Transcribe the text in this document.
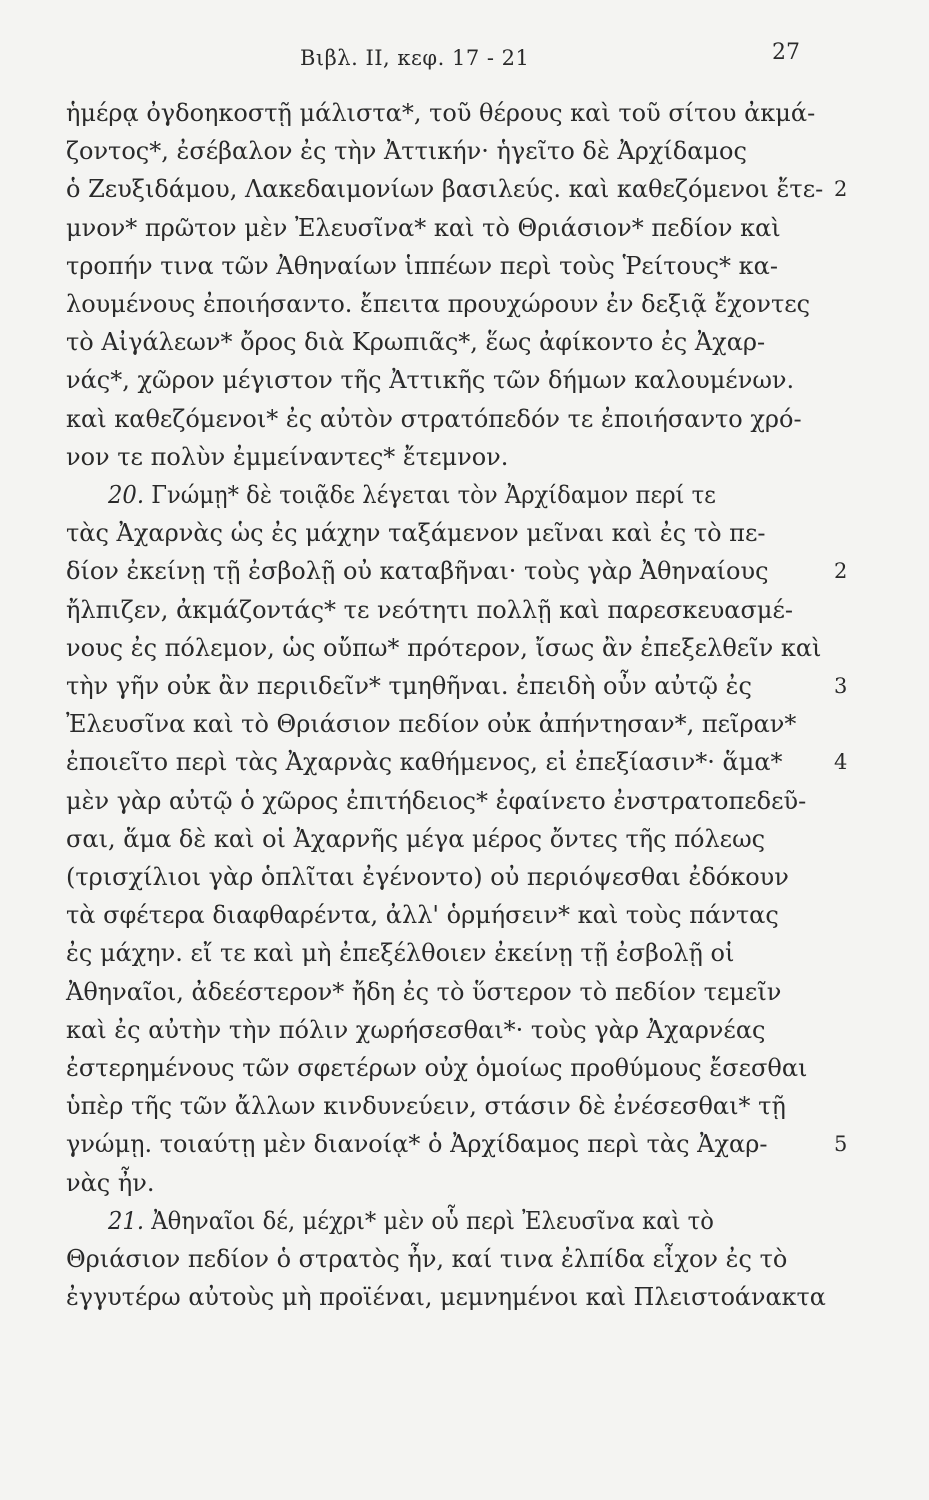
Βιβλ. II, κεφ. 17 - 21	27
ἡμέρᾳ ὀγδοηκοστῇ μάλιστα*, τοῦ θέρους καὶ τοῦ σίτου ἀκμά-
ζοντος*, ἐσέβαλον ἐς τὴν Ἀττικήν· ἡγεῖτο δὲ Ἀρχίδαμος
ὁ Ζευξιδάμου, Λακεδαιμονίων βασιλεύς. καὶ καθεζόμενοι ἔτε- 2
μνον* πρῶτον μὲν Ἐλευσῖνα* καὶ τὸ Θριάσιον* πεδίον καὶ
τροπήν τινα τῶν Ἀθηναίων ἱππέων περὶ τοὺς Ῥείτους* κα-
λουμένους ἐποιήσαντο. ἔπειτα προυχώρουν ἐν δεξιᾷ ἔχοντες
τὸ Αἰγάλεων* ὄρος διὰ Κρωπιᾶς*, ἕως ἀφίκοντο ἐς Ἀχαρ-
νάς*, χῶρον μέγιστον τῆς Ἀττικῆς τῶν δήμων καλουμένων.
καὶ καθεζόμενοι* ἐς αὐτὸν στρατόπεδόν τε ἐποιήσαντο χρό-
νον τε πολὺν ἐμμείναντες* ἔτεμνον.
20. Γνώμῃ* δὲ τοιᾷδε λέγεται τὸν Ἀρχίδαμον περί τε
τὰς Ἀχαρνὰς ὡς ἐς μάχην ταξάμενον μεῖναι καὶ ἐς τὸ πε-
δίον ἐκείνῃ τῇ ἐσβολῇ οὐ καταβῆναι· τοὺς γὰρ Ἀθηναίους	2
ἤλπιζεν, ἀκμάζοντάς* τε νεότητι πολλῇ καὶ παρεσκευασμέ-
νους ἐς πόλεμον, ὡς οὔπω* πρότερον, ἴσως ἂν ἐπεξελθεῖν καὶ
τὴν γῆν οὐκ ἂν περιιδεῖν* τμηθῆναι. ἐπειδὴ οὖν αὐτῷ ἐς	3
Ἐλευσῖνα καὶ τὸ Θριάσιον πεδίον οὐκ ἀπήντησαν*, πεῖραν*
ἐποιεῖτο περὶ τὰς Ἀχαρνὰς καθήμενος, εἰ ἐπεξίασιν*· ἅμα*	4
μὲν γὰρ αὐτῷ ὁ χῶρος ἐπιτήδειος* ἐφαίνετο ἐνστρατοπεδεῦ-
σαι, ἅμα δὲ καὶ οἱ Ἀχαρνῆς μέγα μέρος ὄντες τῆς πόλεως
(τρισχίλιοι γὰρ ὁπλῖται ἐγένοντο) οὐ περιόψεσθαι ἐδόκουν
τὰ σφέτερα διαφθαρέντα, ἀλλ' ὁρμήσειν* καὶ τοὺς πάντας
ἐς μάχην. εἴ τε καὶ μὴ ἐπεξέλθοιεν ἐκείνῃ τῇ ἐσβολῇ οἱ
Ἀθηναῖοι, ἀδεέστερον* ἤδη ἐς τὸ ὕστερον τὸ πεδίον τεμεῖν
καὶ ἐς αὐτὴν τὴν πόλιν χωρήσεσθαι*· τοὺς γὰρ Ἀχαρνέας
ἐστερημένους τῶν σφετέρων οὐχ ὁμοίως προθύμους ἔσεσθαι
ὑπὲρ τῆς τῶν ἄλλων κινδυνεύειν, στάσιν δὲ ἐνέσεσθαι* τῇ
γνώμῃ. τοιαύτῃ μὲν διανοίᾳ* ὁ Ἀρχίδαμος περὶ τὰς Ἀχαρ-	5
νὰς ἦν.
21. Ἀθηναῖοι δέ, μέχρι* μὲν οὗ περὶ Ἐλευσῖνα καὶ τὸ
Θριάσιον πεδίον ὁ στρατὸς ἦν, καί τινα ἐλπίδα εἶχον ἐς τὸ
ἐγγυτέρω αὐτοὺς μὴ προϊέναι, μεμνημένοι καὶ Πλειστοάνακτα
